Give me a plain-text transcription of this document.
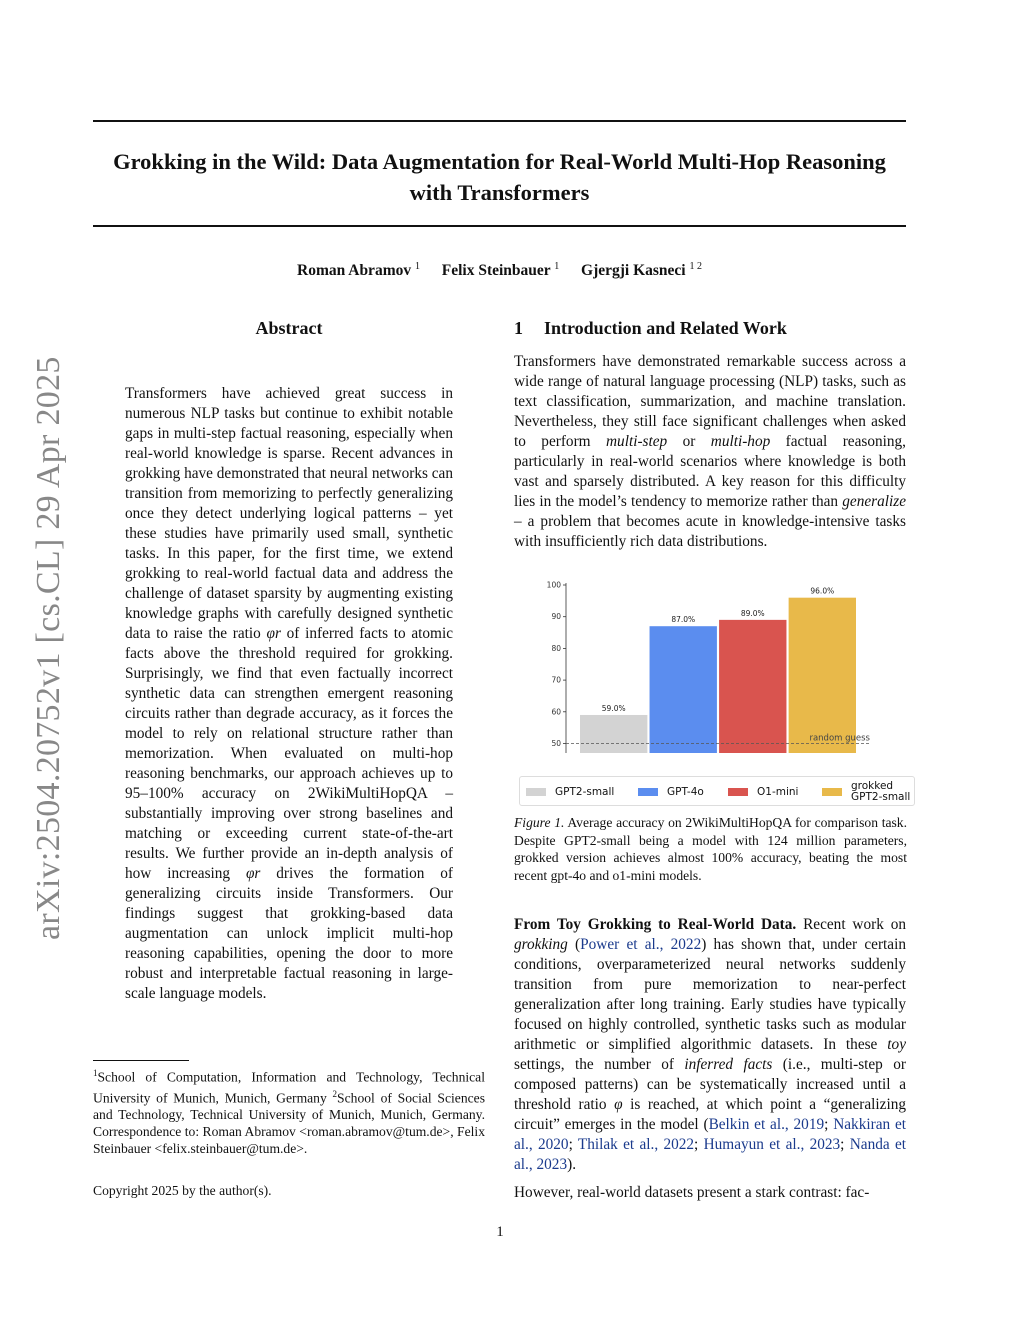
Grokking in the Wild: Data Augmentation for Real-World Multi-Hop Reasoning
with Transformers
Roman Abramov $^1$ Felix Steinbauer $^1$ Gjergji Kasneci $^{1 2}$
arXiv:2504.20752v1 [cs.CL] 29 Apr 2025
Abstract
Transformers have achieved great success in numerous NLP tasks but continue to exhibit notable gaps in multi-step factual reasoning, especially when real-world knowledge is sparse. Recent advances in grokking have demonstrated that neural networks can transition from memorizing to perfectly generalizing once they detect underlying logical patterns – yet these studies have primarily used small, synthetic tasks. In this paper, for the first time, we extend grokking to real-world factual data and address the challenge of dataset sparsity by augmenting existing knowledge graphs with carefully designed synthetic data to raise the ratio φr of inferred facts to atomic facts above the threshold required for grokking. Surprisingly, we find that even factually incorrect synthetic data can strengthen emergent reasoning circuits rather than degrade accuracy, as it forces the model to rely on relational structure rather than memorization. When evaluated on multi-hop reasoning benchmarks, our approach achieves up to 95–100% accuracy on 2WikiMultiHopQA – substantially improving over strong baselines and matching or exceeding current state-of-the-art results. We further provide an in-depth analysis of how increasing φr drives the formation of generalizing circuits inside Transformers. Our findings suggest that grokking-based data augmentation can unlock implicit multi-hop reasoning capabilities, opening the door to more robust and interpretable factual reasoning in large-scale language models.
$^1$School of Computation, Information and Technology, Technical University of Munich, Munich, Germany $^2$School of Social Sciences and Technology, Technical University of Munich, Munich, Germany. Correspondence to: Roman Abramov <roman.abramov@tum.de>, Felix Steinbauer <felix.steinbauer@tum.de>.
Copyright 2025 by the author(s).
1 Introduction and Related Work
Transformers have demonstrated remarkable success across a wide range of natural language processing (NLP) tasks, such as text classification, summarization, and machine translation. Nevertheless, they still face significant challenges when asked to perform multi-step or multi-hop factual reasoning, particularly in real-world scenarios where knowledge is both vast and sparsely distributed. A key reason for this difficulty lies in the model’s tendency to memorize rather than generalize – a problem that becomes acute in knowledge-intensive tasks with insufficiently rich data distributions.
50
60
70
80
90
100
59.0%
87.0%
89.0%
96.0%
random guess
GPT2-small	GPT-4o	O1-mini	grokked
GPT2-small
Figure 1. Average accuracy on 2WikiMultiHopQA for comparison task. Despite GPT2-small being a model with 124 million parameters, grokked version achieves almost 100% accuracy, beating the most recent gpt-4o and o1-mini models.
From Toy Grokking to Real-World Data. Recent work on grokking (Power et al., 2022) has shown that, under certain conditions, overparameterized neural networks suddenly transition from pure memorization to near-perfect generalization after long training. Early studies have typically focused on highly controlled, synthetic tasks such as modular arithmetic or simplified algorithmic datasets. In these toy settings, the number of inferred facts (i.e., multi-step or composed patterns) can be systematically increased until a threshold ratio φ is reached, at which point a “generalizing circuit” emerges in the model (Belkin et al., 2019; Nakkiran et al., 2020; Thilak et al., 2022; Humayun et al., 2023; Nanda et al., 2023).
However, real-world datasets present a stark contrast: fac-
1
